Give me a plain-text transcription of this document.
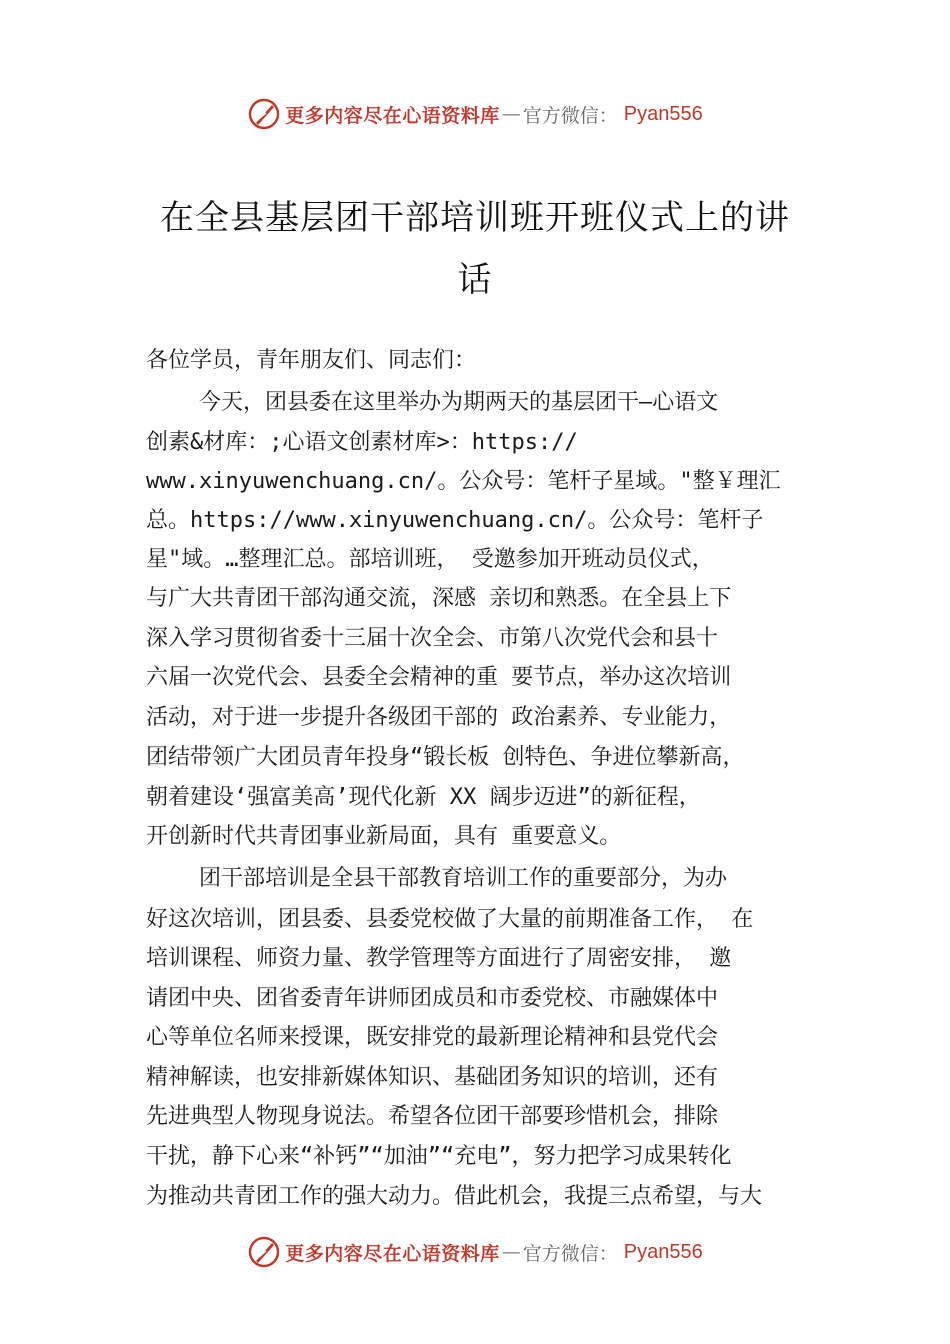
更多内容尽在心语资料库 — 官方微信： Pyan556
在全县基层团干部培训班开班仪式上的讲
话
各位学员，青年朋友们、同志们：
今天，团县委在这里举办为期两天的基层团干—心语文
创素&材库：;心语文创素材库>：https://
www.xinyuwenchuang.cn/。公众号：笔杆子星域。"整￥理汇
总。https://www.xinyuwenchuang.cn/。公众号：笔杆子
星"域。…整理汇总。部培训班， 受邀参加开班动员仪式，
与广大共青团干部沟通交流，深感 亲切和熟悉。在全县上下
深入学习贯彻省委十三届十次全会、市第八次党代会和县十
六届一次党代会、县委全会精神的重 要节点，举办这次培训
活动，对于进一步提升各级团干部的 政治素养、专业能力，
团结带领广大团员青年投身“锻长板 创特色、争进位攀新高，
朝着建设‘强富美高’现代化新 XX 阔步迈进”的新征程，
开创新时代共青团事业新局面，具有 重要意义。
团干部培训是全县干部教育培训工作的重要部分，为办
好这次培训，团县委、县委党校做了大量的前期准备工作， 在
培训课程、师资力量、教学管理等方面进行了周密安排， 邀
请团中央、团省委青年讲师团成员和市委党校、市融媒体中
心等单位名师来授课，既安排党的最新理论精神和县党代会
精神解读，也安排新媒体知识、基础团务知识的培训，还有
先进典型人物现身说法。希望各位团干部要珍惜机会，排除
干扰，静下心来“补钙”“加油”“充电”，努力把学习成果转化
为推动共青团工作的强大动力。借此机会，我提三点希望，与大
更多内容尽在心语资料库 — 官方微信： Pyan556
